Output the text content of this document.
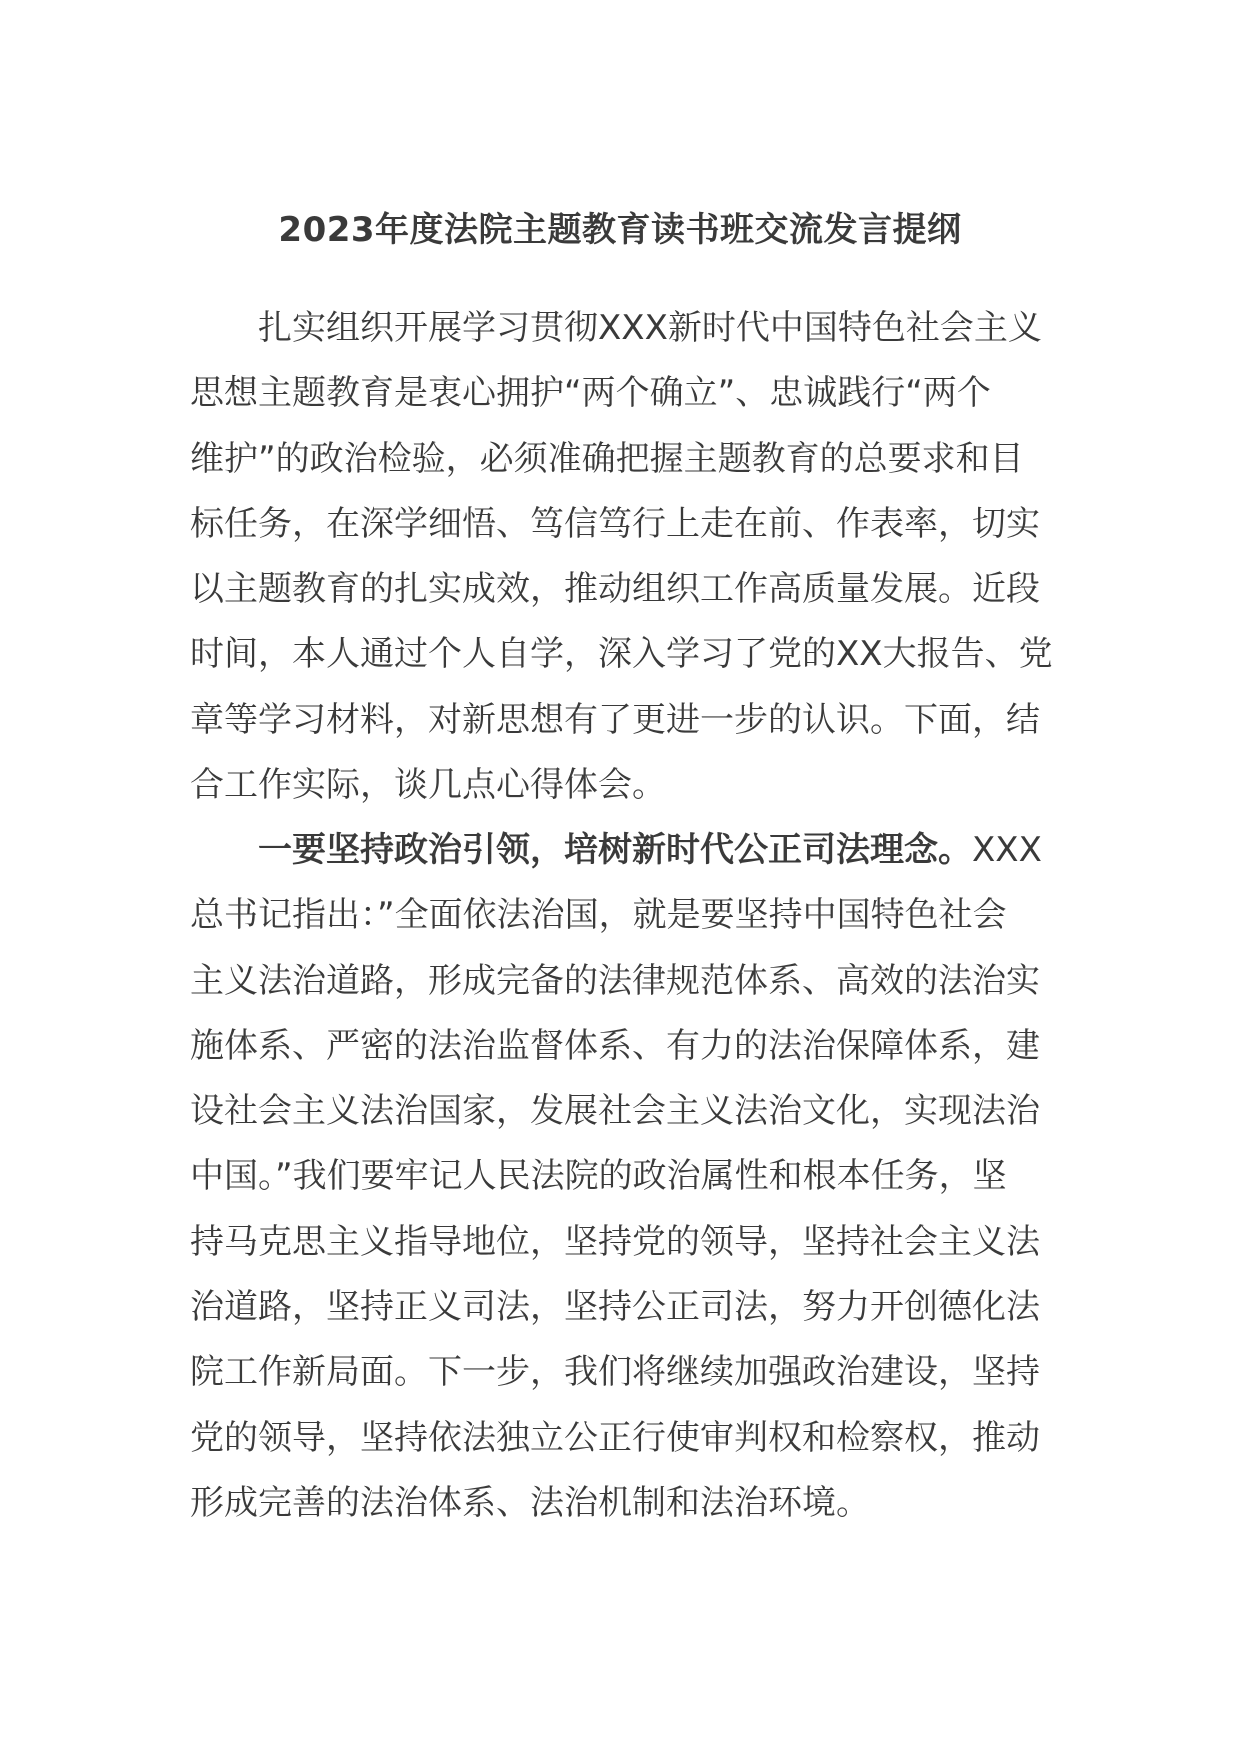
2023年度法院主题教育读书班交流发言提纲

扎实组织开展学习贯彻XXX新时代中国特色社会主义
思想主题教育是衷心拥护“两个确立”、忠诚践行“两个
维护”的政治检验，必须准确把握主题教育的总要求和目
标任务，在深学细悟、笃信笃行上走在前、作表率，切实
以主题教育的扎实成效，推动组织工作高质量发展。近段
时间，本人通过个人自学，深入学习了党的XX大报告、党
章等学习材料，对新思想有了更进一步的认识。下面，结
合工作实际，谈几点心得体会。

一要坚持政治引领，培树新时代公正司法理念。XXX
总书记指出：”全面依法治国，就是要坚持中国特色社会
主义法治道路，形成完备的法律规范体系、高效的法治实
施体系、严密的法治监督体系、有力的法治保障体系，建
设社会主义法治国家，发展社会主义法治文化，实现法治
中国。”我们要牢记人民法院的政治属性和根本任务，坚
持马克思主义指导地位，坚持党的领导，坚持社会主义法
治道路，坚持正义司法，坚持公正司法，努力开创德化法
院工作新局面。下一步，我们将继续加强政治建设，坚持
党的领导，坚持依法独立公正行使审判权和检察权，推动
形成完善的法治体系、法治机制和法治环境。
